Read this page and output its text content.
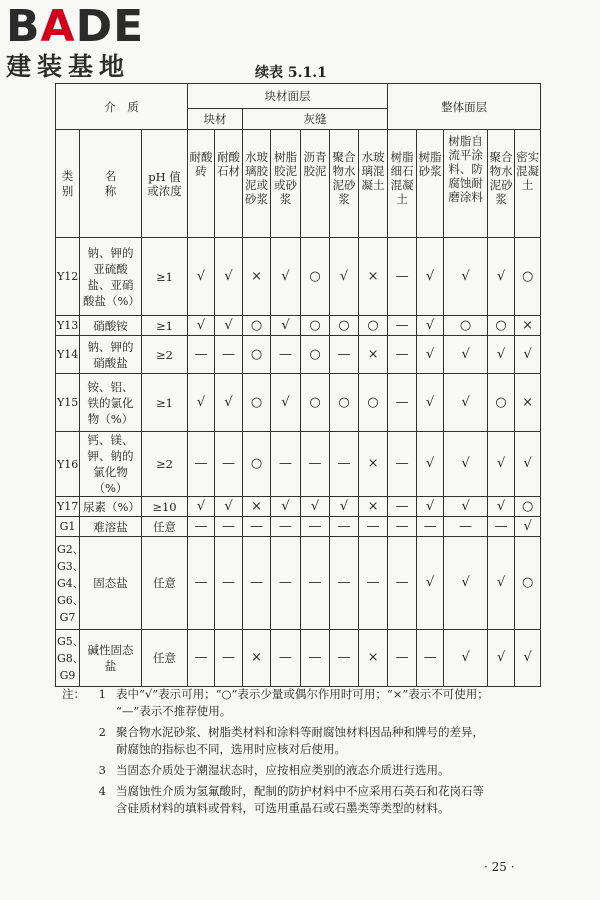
BADE
建装基地	续表 5.1.1
介　质			块材面层							整体面层				
			块材		灰缝									

类别	名称	pH 值或浓度	耐酸砖	耐酸石材	水玻璃胶泥或砂浆	树脂胶泥或砂浆	沥青胶泥	聚合物水泥砂浆	水玻璃混凝土	树脂细石混凝土	树脂砂浆	树脂自流平涂料、防腐蚀耐磨涂料	聚合物水泥砂浆	密实混凝土
Y12	钠、钾的亚硫酸盐、亚硝酸盐（%）	≥1	√	√	×	√	○	√	×	—	√	√	√	○
Y13	硝酸铵	≥1	√	√	○	√	○	○	○	—	√	○	○	×
Y14	钠、钾的硝酸盐	≥2	—	—	○	—	○	—	×	—	√	√	√	√
Y15	铵、铝、铁的氯化物（%）	≥1	√	√	○	√	○	○	○	—	√	√	○	×
Y16	钙、镁、钾、钠的氯化物（%）	≥2	—	—	○	—	—	—	×	—	√	√	√	√
Y17	尿素（%）	≥10	√	√	×	√	√	√	×	—	√	√	√	○
G1	难溶盐	任意	—	—	—	—	—	—	—	—	—	—	—	√
G2、G3、G4、G6、G7	固态盐	任意	—	—	—	—	—	—	—	—	√	√	√	○
G5、G8、G9	碱性固态盐	任意	—	—	×	—	—	—	×	—	—	√	√	√
注：	1 表中“√”表示可用；“○”表示少量或偶尔作用时可用；“×”表示不可使用；
“—”表示不推荐使用。
2 聚合物水泥砂浆、树脂类材料和涂料等耐腐蚀材料因品种和牌号的差异，
耐腐蚀的指标也不同，选用时应核对后使用。
3 当固态介质处于潮湿状态时，应按相应类别的液态介质进行选用。
4 当腐蚀性介质为氢氟酸时，配制的防护材料中不应采用石英石和花岗石等
含硅质材料的填料或骨料，可选用重晶石或石墨类等类型的材料。
· 25 ·
